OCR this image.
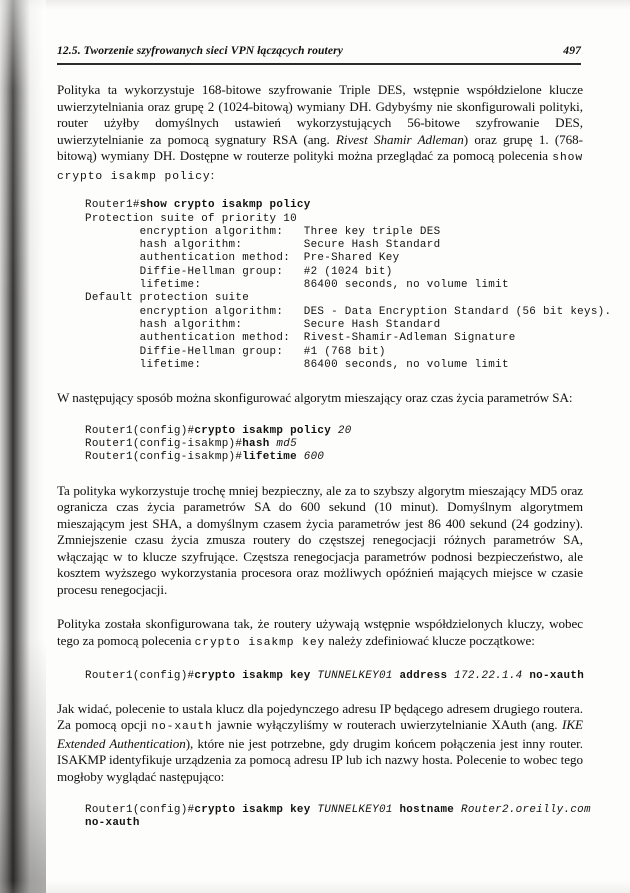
12.5. Tworzenie szyfrowanych sieci VPN łączących routery	497

Polityka ta wykorzystuje 168-bitowe szyfrowanie Triple DES, wstępnie współdzielone klucze uwierzytelniania oraz grupę 2 (1024-bitową) wymiany DH. Gdybyśmy nie skonfigurowali polityki, router użyłby domyślnych ustawień wykorzystujących 56-bitowe szyfrowanie DES, uwierzytelnianie za pomocą sygnatury RSA (ang. Rivest Shamir Adleman) oraz grupę 1. (768-bitową) wymiany DH. Dostępne w routerze polityki można przeglądać za pomocą polecenia show crypto isakmp policy:

Router1#show crypto isakmp policy
Protection suite of priority 10
encryption algorithm:   Three key triple DES
hash algorithm:         Secure Hash Standard
authentication method:  Pre-Shared Key
Diffie-Hellman group:   #2 (1024 bit)
lifetime:               86400 seconds, no volume limit
Default protection suite
encryption algorithm:   DES - Data Encryption Standard (56 bit keys).
hash algorithm:         Secure Hash Standard
authentication method:  Rivest-Shamir-Adleman Signature
Diffie-Hellman group:   #1 (768 bit)
lifetime:               86400 seconds, no volume limit

W następujący sposób można skonfigurować algorytm mieszający oraz czas życia parametrów SA:

Router1(config)#crypto isakmp policy 20
Router1(config-isakmp)#hash md5
Router1(config-isakmp)#lifetime 600

Ta polityka wykorzystuje trochę mniej bezpieczny, ale za to szybszy algorytm mieszający MD5 oraz ogranicza czas życia parametrów SA do 600 sekund (10 minut). Domyślnym algorytmem mieszającym jest SHA, a domyślnym czasem życia parametrów jest 86 400 sekund (24 godziny). Zmniejszenie czasu życia zmusza routery do częstszej renegocjacji różnych parametrów SA, włączając w to klucze szyfrujące. Częstsza renegocjacja parametrów podnosi bezpieczeństwo, ale kosztem wyższego wykorzystania procesora oraz możliwych opóźnień mających miejsce w czasie procesu renegocjacji.

Polityka została skonfigurowana tak, że routery używają wstępnie współdzielonych kluczy, wobec tego za pomocą polecenia crypto isakmp key należy zdefiniować klucze początkowe:

Router1(config)#crypto isakmp key TUNNELKEY01 address 172.22.1.4 no-xauth

Jak widać, polecenie to ustala klucz dla pojedynczego adresu IP będącego adresem drugiego routera. Za pomocą opcji no-xauth jawnie wyłączyliśmy w routerach uwierzytelnianie XAuth (ang. IKE Extended Authentication), które nie jest potrzebne, gdy drugim końcem połączenia jest inny router. ISAKMP identyfikuje urządzenia za pomocą adresu IP lub ich nazwy hosta. Polecenie to wobec tego mogłoby wyglądać następująco:

Router1(config)#crypto isakmp key TUNNELKEY01 hostname Router2.oreilly.com
no-xauth
